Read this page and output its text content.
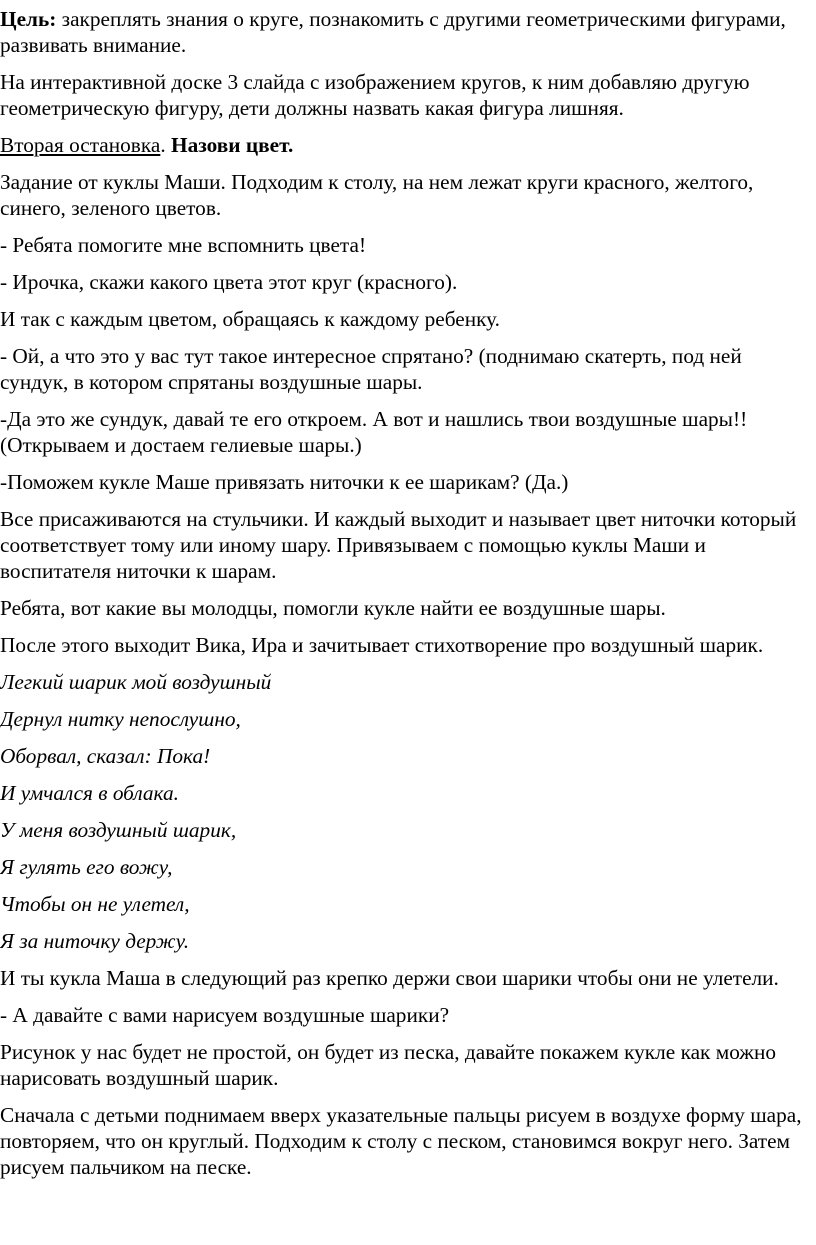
Цель: закреплять знания о круге, познакомить с другими геометрическими фигурами, развивать внимание.

На интерактивной доске 3 слайда с изображением кругов, к ним добавляю другую геометрическую фигуру, дети должны назвать какая фигура лишняя.

Вторая остановка. Назови цвет.

Задание от куклы Маши. Подходим к столу, на нем лежат круги красного, желтого, синего, зеленого цветов.

- Ребята помогите мне вспомнить цвета!

- Ирочка, скажи какого цвета этот круг (красного).

И так с каждым цветом, обращаясь к каждому ребенку.

- Ой, а что это у вас тут такое интересное спрятано? (поднимаю скатерть, под ней сундук, в котором спрятаны воздушные шары.

-Да это же сундук, давай те его откроем. А вот и нашлись твои воздушные шары!! (Открываем и достаем гелиевые шары.)

-Поможем кукле Маше привязать ниточки к ее шарикам? (Да.)

Все присаживаются на стульчики. И каждый выходит и называет цвет ниточки который соответствует тому или иному шару. Привязываем с помощью куклы Маши и воспитателя ниточки к шарам.

Ребята, вот какие вы молодцы, помогли кукле найти ее воздушные шары.

После этого выходит Вика, Ира и зачитывает стихотворение про воздушный шарик.

Легкий шарик мой воздушный

Дернул нитку непослушно,

Оборвал, сказал: Пока!

И умчался в облака.

У меня воздушный шарик,

Я гулять его вожу,

Чтобы он не улетел,

Я за ниточку держу.

И ты кукла Маша в следующий раз крепко держи свои шарики чтобы они не улетели.

- А давайте с вами нарисуем воздушные шарики?

Рисунок у нас будет не простой, он будет из песка, давайте покажем кукле как можно нарисовать воздушный шарик.

Сначала с детьми поднимаем вверх указательные пальцы рисуем в воздухе форму шара, повторяем, что он круглый. Подходим к столу с песком, становимся вокруг него. Затем рисуем пальчиком на песке.
